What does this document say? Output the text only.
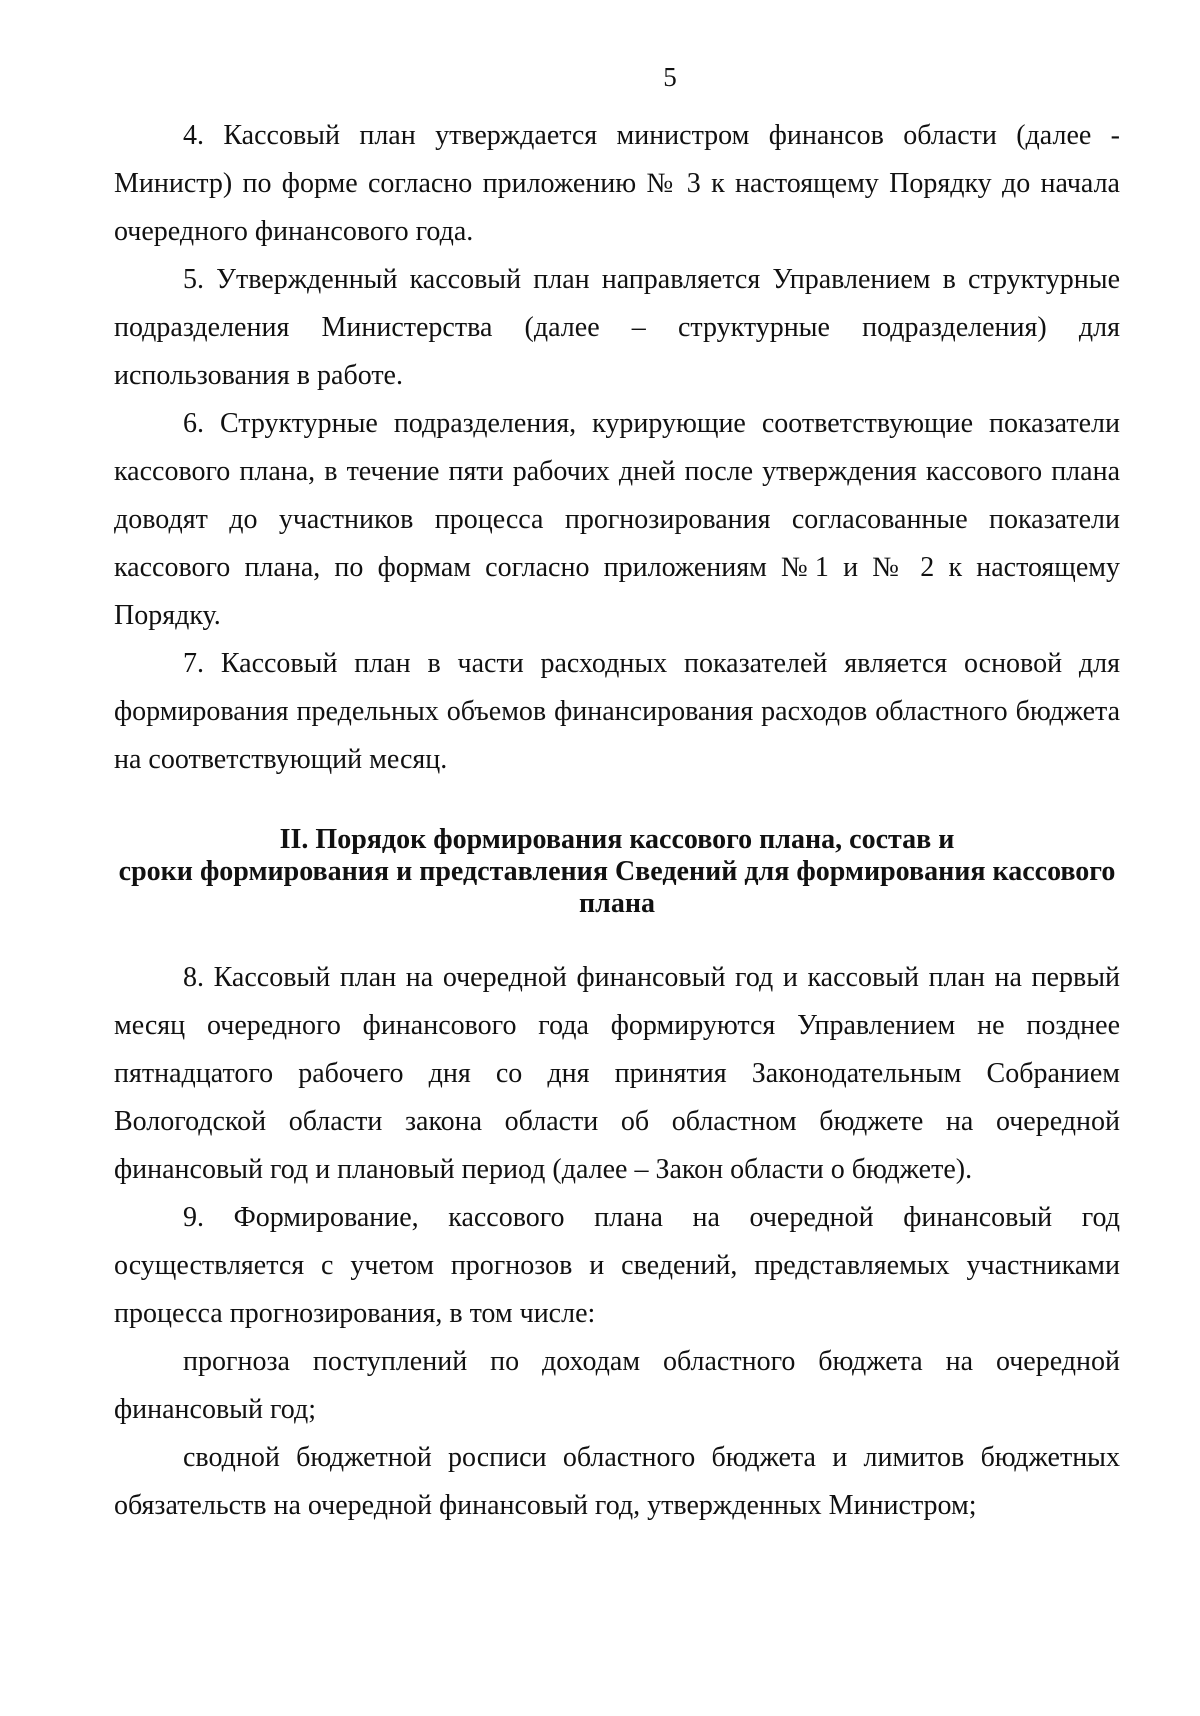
5

4. Кассовый план утверждается министром финансов области (далее - Министр) по форме согласно приложению № 3 к настоящему Порядку до начала очередного финансового года.

5. Утвержденный кассовый план направляется Управлением в структурные подразделения Министерства (далее – структурные подразделения) для использования в работе.

6. Структурные подразделения, курирующие соответствующие показатели кассового плана, в течение пяти рабочих дней после утверждения кассового плана доводят до участников процесса прогнозирования согласованные показатели кассового плана, по формам согласно приложениям №1 и № 2 к настоящему Порядку.

7. Кассовый план в части расходных показателей является основой для формирования предельных объемов финансирования расходов областного бюджета на соответствующий месяц.

II. Порядок формирования кассового плана, состав и
сроки формирования и представления Сведений для формирования кассового
плана

8. Кассовый план на очередной финансовый год и кассовый план на первый месяц очередного финансового года формируются Управлением не позднее пятнадцатого рабочего дня со дня принятия Законодательным Собранием Вологодской области закона области об областном бюджете на очередной финансовый год и плановый период (далее – Закон области о бюджете).

9. Формирование, кассового плана на очередной финансовый год осуществляется с учетом прогнозов и сведений, представляемых участниками процесса прогнозирования, в том числе:

прогноза поступлений по доходам областного бюджета на очередной финансовый год;

сводной бюджетной росписи областного бюджета и лимитов бюджетных обязательств на очередной финансовый год, утвержденных Министром;
